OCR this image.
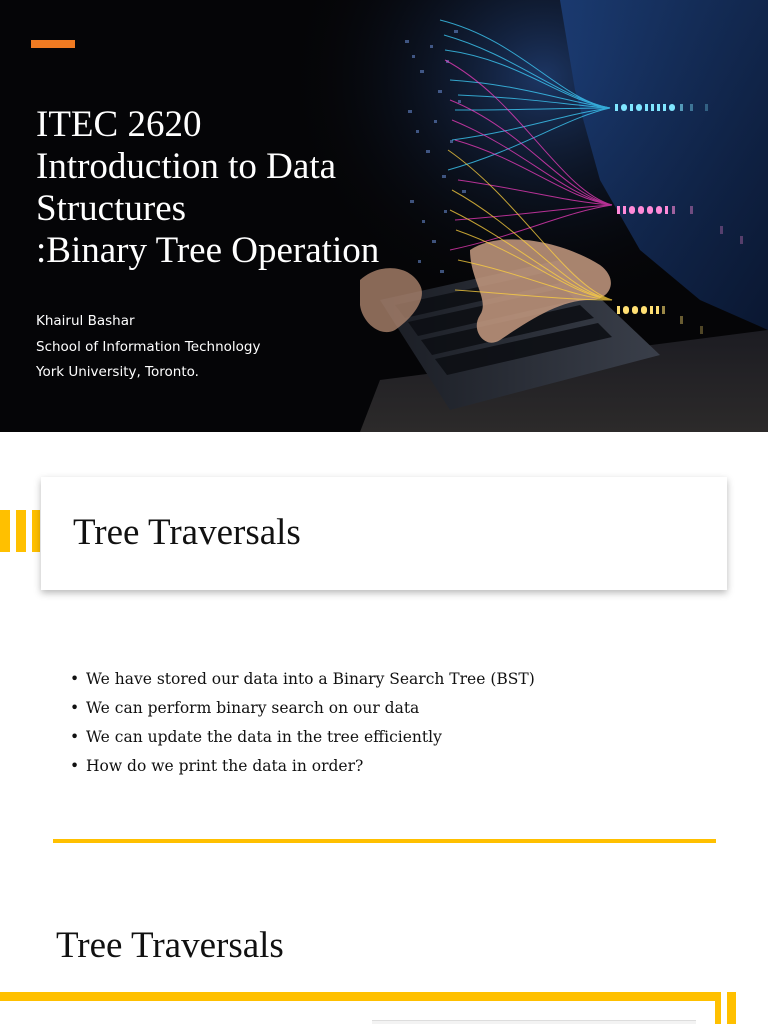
ITEC 2620
Introduction to Data
Structures
:Binary Tree Operation
Khairul Bashar
School of Information Technology
York University, Toronto.
Tree Traversals
• We have stored our data into a Binary Search Tree (BST)
• We can perform binary search on our data
• We can update the data in the tree efficiently
• How do we print the data in order?
Tree Traversals
